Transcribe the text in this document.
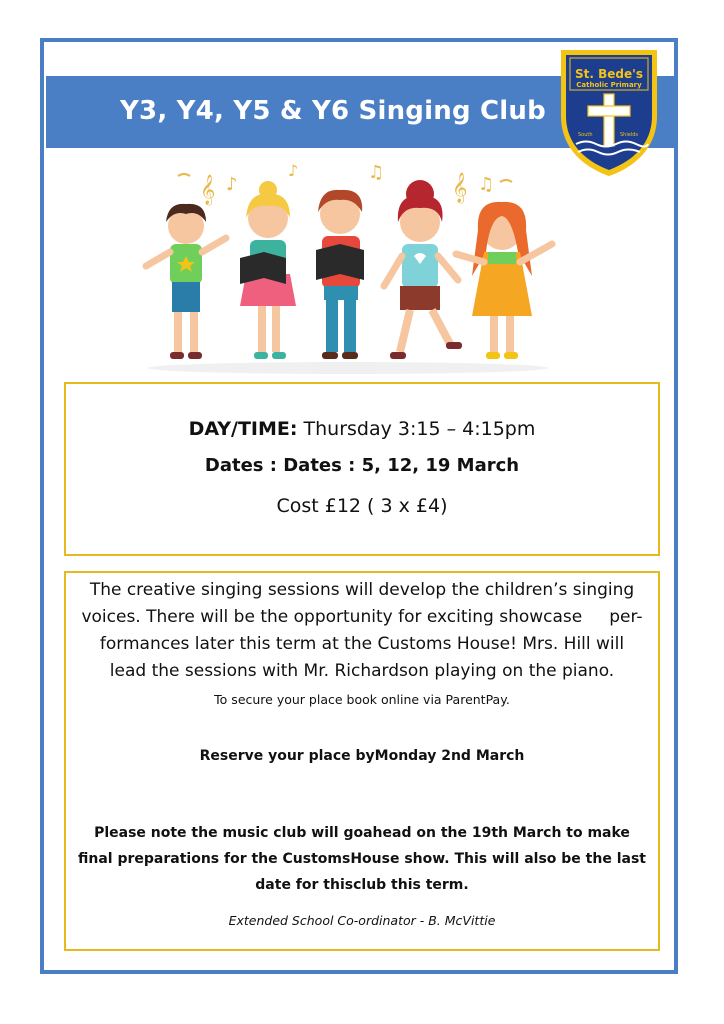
Y3, Y4, Y5 & Y6 Singing Club
St. Bede's
Catholic Primary
South	Shields
𝄞 ♪
♪	♫
𝄞 ♫
DAY/TIME: Thursday 3:15 – 4:15pm
Dates : Dates : 5, 12, 19 March
Cost £12 ( 3 x £4)
The creative singing sessions will develop the children’s singing
voices. There will be the opportunity for exciting showcase     per-
formances later this term at the Customs House! Mrs. Hill will
lead the sessions with Mr. Richardson playing on the piano.
To secure your place book online via ParentPay.
Reserve your place byMonday 2nd March
Please note the music club will goahead on the 19th March to make
final preparations for the CustomsHouse show. This will also be the last
date for thisclub this term.
Extended School Co-ordinator - B. McVittie
